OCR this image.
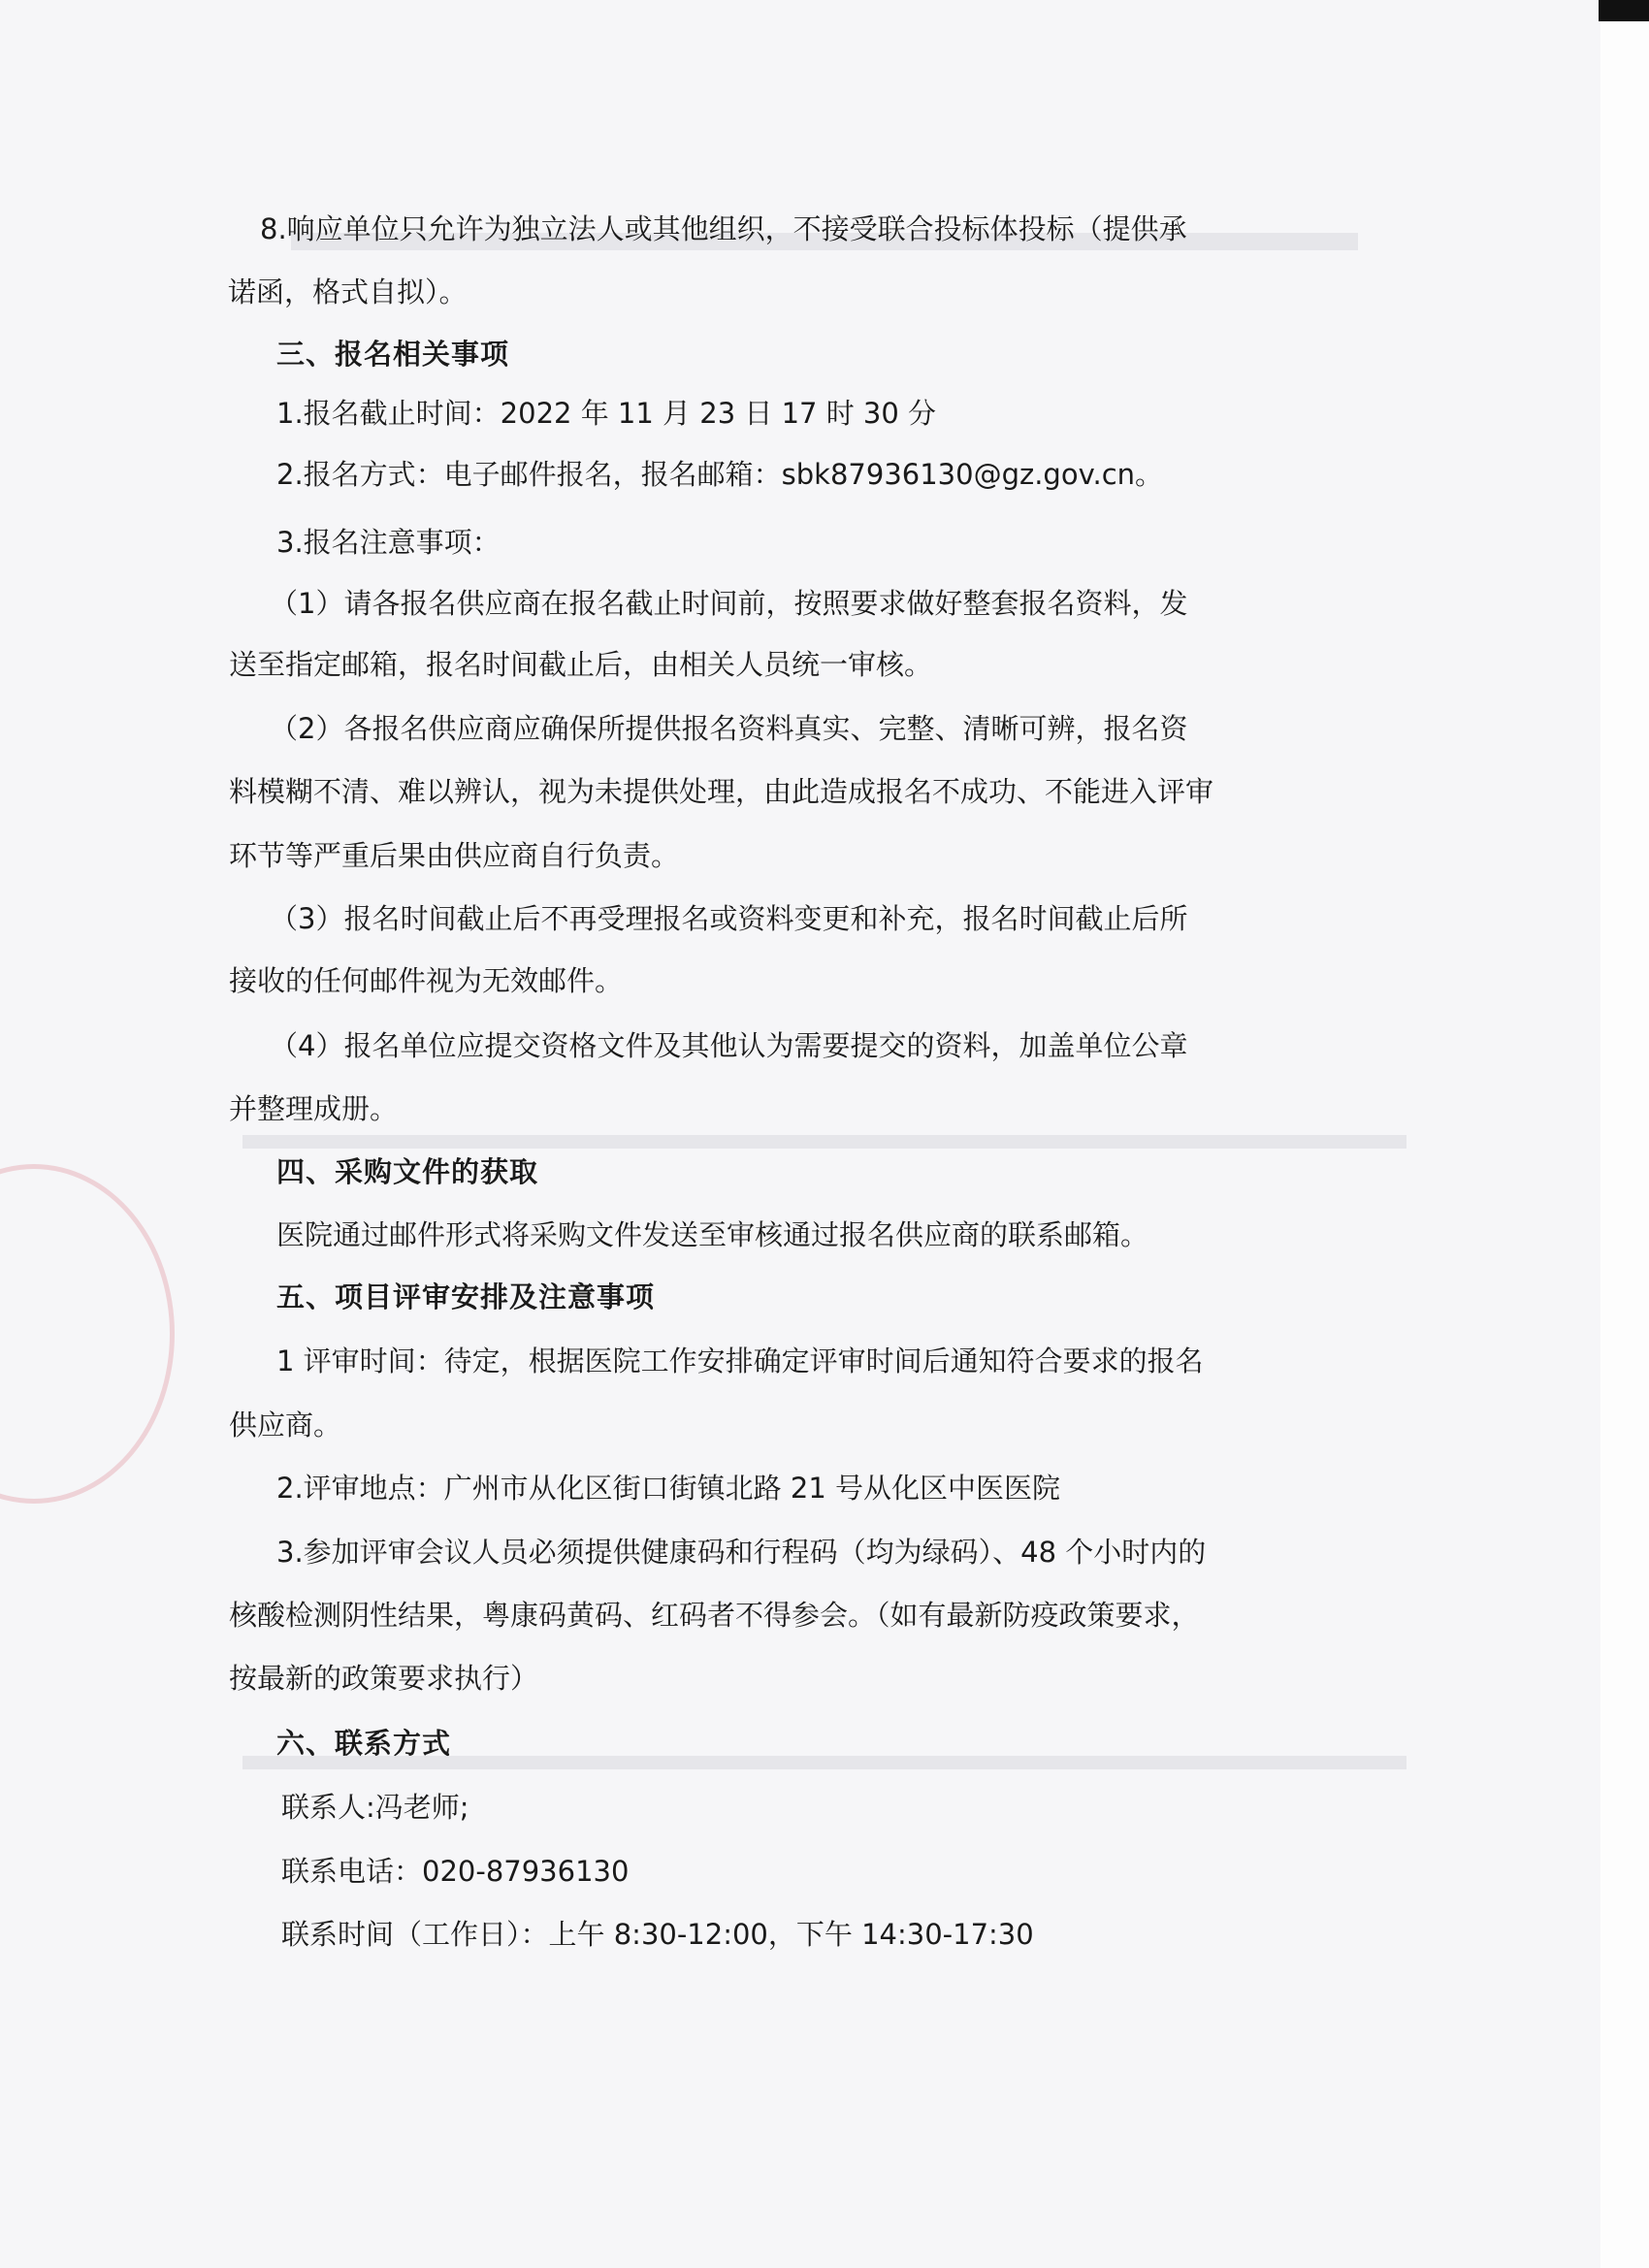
8.响应单位只允许为独立法人或其他组织，不接受联合投标体投标（提供承
诺函，格式自拟）。
三、报名相关事项
1.报名截止时间：2022 年 11 月 23 日 17 时 30 分
2.报名方式：电子邮件报名，报名邮箱：sbk87936130@gz.gov.cn。
3.报名注意事项：
（1）请各报名供应商在报名截止时间前，按照要求做好整套报名资料，发
送至指定邮箱，报名时间截止后，由相关人员统一审核。
（2）各报名供应商应确保所提供报名资料真实、完整、清晰可辨，报名资
料模糊不清、难以辨认，视为未提供处理，由此造成报名不成功、不能进入评审
环节等严重后果由供应商自行负责。
（3）报名时间截止后不再受理报名或资料变更和补充，报名时间截止后所
接收的任何邮件视为无效邮件。
（4）报名单位应提交资格文件及其他认为需要提交的资料，加盖单位公章
并整理成册。
四、采购文件的获取
医院通过邮件形式将采购文件发送至审核通过报名供应商的联系邮箱。
五、项目评审安排及注意事项
1 评审时间：待定，根据医院工作安排确定评审时间后通知符合要求的报名
供应商。
2.评审地点：广州市从化区街口街镇北路 21 号从化区中医医院
3.参加评审会议人员必须提供健康码和行程码（均为绿码）、48 个小时内的
核酸检测阴性结果，粤康码黄码、红码者不得参会。（如有最新防疫政策要求，
按最新的政策要求执行）
六、联系方式
联系人:冯老师;
联系电话：020-87936130
联系时间（工作日）：上午 8:30-12:00，下午 14:30-17:30
